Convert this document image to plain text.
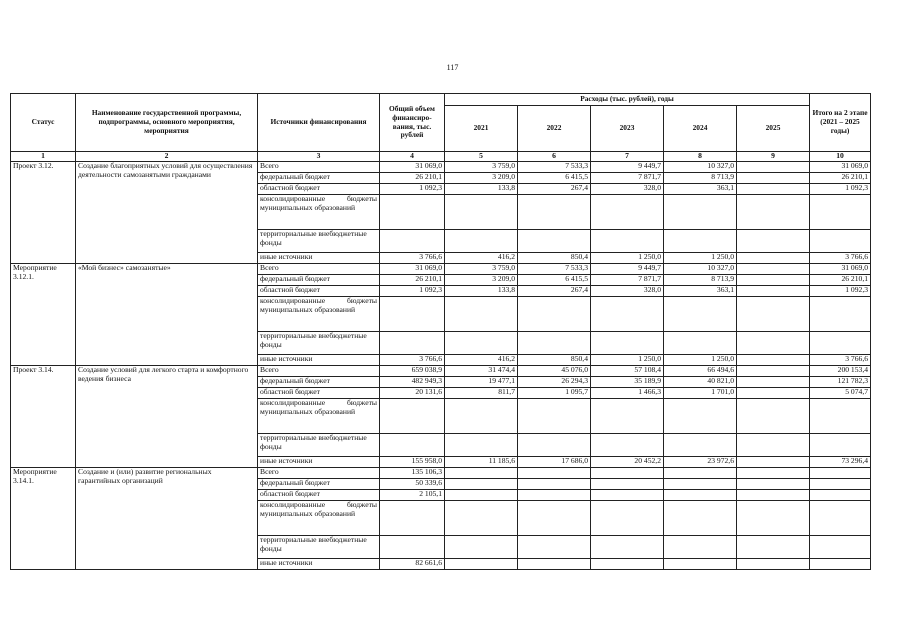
117
Статус	Наименование государственной программы, подпрограммы, основного мероприятия, мероприятия	Источники финансирования	Общий объем финансиро-вания, тыс. рублей	Расходы (тыс. рублей), годы					Итого на 2 этапе (2021 – 2025 годы)
				2021	2022	2023	2024	2025	
1	2	3	4	5	6	7	8	9	10
Проект 3.12.	Создание благоприятных условий для осуществления деятельности самозанятыми гражданами	Всего	31 069,0	3 759,0	7 533,3	9 449,7	10 327,0		31 069,0
		федеральный бюджет	26 210,1	3 209,0	6 415,5	7 871,7	8 713,9		26 210,1
		областной бюджет	1 092,3	133,8	267,4	328,0	363,1		1 092,3
		консолидированные бюджеты муниципальных образований							
		территориальные внебюджетные фонды							
		иные источники	3 766,6	416,2	850,4	1 250,0	1 250,0		3 766,6
Мероприятие 3.12.1.	«Мой бизнес» самозанятые»	Всего	31 069,0	3 759,0	7 533,3	9 449,7	10 327,0		31 069,0
		федеральный бюджет	26 210,1	3 209,0	6 415,5	7 871,7	8 713,9		26 210,1
		областной бюджет	1 092,3	133,8	267,4	328,0	363,1		1 092,3
		консолидированные бюджеты муниципальных образований							
		территориальные внебюджетные фонды							
		иные источники	3 766,6	416,2	850,4	1 250,0	1 250,0		3 766,6
Проект 3.14.	Создание условий для легкого старта и комфортного ведения бизнеса	Всего	659 038,9	31 474,4	45 076,0	57 108,4	66 494,6		200 153,4
		федеральный бюджет	482 949,3	19 477,1	26 294,3	35 189,9	40 821,0		121 782,3
		областной бюджет	20 131,6	811,7	1 095,7	1 466,3	1 701,0		5 074,7
		консолидированные бюджеты муниципальных образований							
		территориальные внебюджетные фонды							
		иные источники	155 958,0	11 185,6	17 686,0	20 452,2	23 972,6		73 296,4
Мероприятие 3.14.1.	Создание и (или) развитие региональных гарантийных организаций	Всего	135 106,3						
		федеральный бюджет	50 339,6						
		областной бюджет	2 105,1						
		консолидированные бюджеты муниципальных образований							
		территориальные внебюджетные фонды							
		иные источники	82 661,6						
